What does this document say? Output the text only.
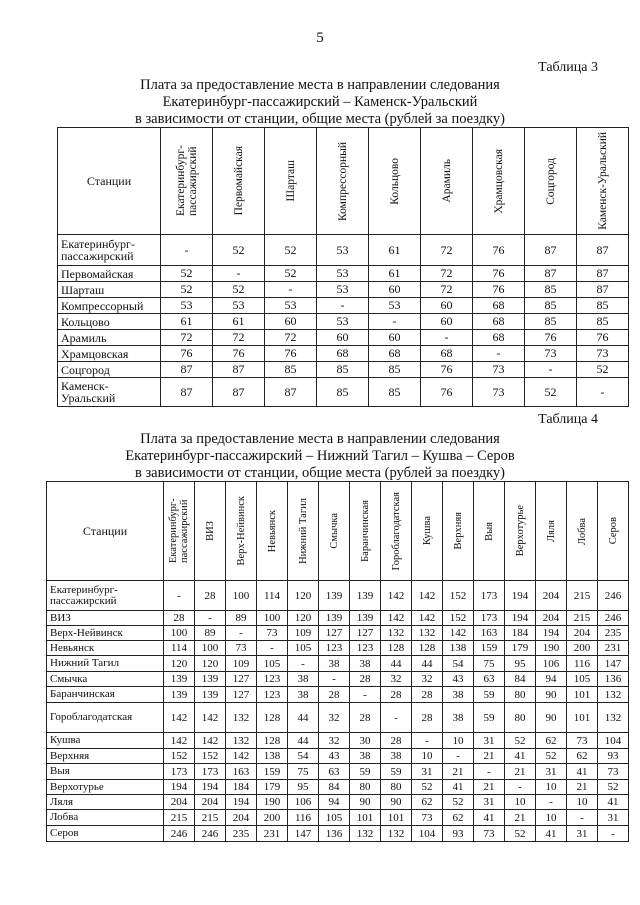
5
Таблица 3
Плата за предоставление места в направлении следования
Екатеринбург-пассажирский – Каменск-Уральский
в зависимости от станции, общие места (рублей за поездку)
Станции	Екатеринбург-пассажирский	Первомайская	Шарташ	Компрессорный	Кольцово	Арамиль	Храмцовская	Соцгород	Каменск-Уральский

Екатеринбург-пассажирский	-	52	52	53	61	72	76	87	87
Первомайская	52	-	52	53	61	72	76	87	87
Шарташ	52	52	-	53	60	72	76	85	87
Компрессорный	53	53	53	-	53	60	68	85	85
Кольцово	61	61	60	53	-	60	68	85	85
Арамиль	72	72	72	60	60	-	68	76	76
Храмцовская	76	76	76	68	68	68	-	73	73
Соцгород	87	87	85	85	85	76	73	-	52
Каменск-Уральский	87	87	87	85	85	76	73	52	-
Таблица 4
Плата за предоставление места в направлении следования
Екатеринбург-пассажирский – Нижний Тагил – Кушва – Серов
в зависимости от станции, общие места (рублей за поездку)
Станции	Екатеринбург-пассажирский	ВИЗ	Верх-Нейвинск	Невьянск	Нижний Тагил	Смычка	Баранчинская	Гороблагодатская	Кушва	Верхняя	Выя	Верхотурье	Ляля	Лобва	Серов

Екатеринбург-пассажирский	-	28	100	114	120	139	139	142	142	152	173	194	204	215	246
ВИЗ	28	-	89	100	120	139	139	142	142	152	173	194	204	215	246
Верх-Нейвинск	100	89	-	73	109	127	127	132	132	142	163	184	194	204	235
Невьянск	114	100	73	-	105	123	123	128	128	138	159	179	190	200	231
Нижний Тагил	120	120	109	105	-	38	38	44	44	54	75	95	106	116	147
Смычка	139	139	127	123	38	-	28	32	32	43	63	84	94	105	136
Баранчинская	139	139	127	123	38	28	-	28	28	38	59	80	90	101	132
Гороблагодатская	142	142	132	128	44	32	28	-	28	38	59	80	90	101	132
Кушва	142	142	132	128	44	32	30	28	-	10	31	52	62	73	104
Верхняя	152	152	142	138	54	43	38	38	10	-	21	41	52	62	93
Выя	173	173	163	159	75	63	59	59	31	21	-	21	31	41	73
Верхотурье	194	194	184	179	95	84	80	80	52	41	21	-	10	21	52
Ляля	204	204	194	190	106	94	90	90	62	52	31	10	-	10	41
Лобва	215	215	204	200	116	105	101	101	73	62	41	21	10	-	31
Серов	246	246	235	231	147	136	132	132	104	93	73	52	41	31	-
